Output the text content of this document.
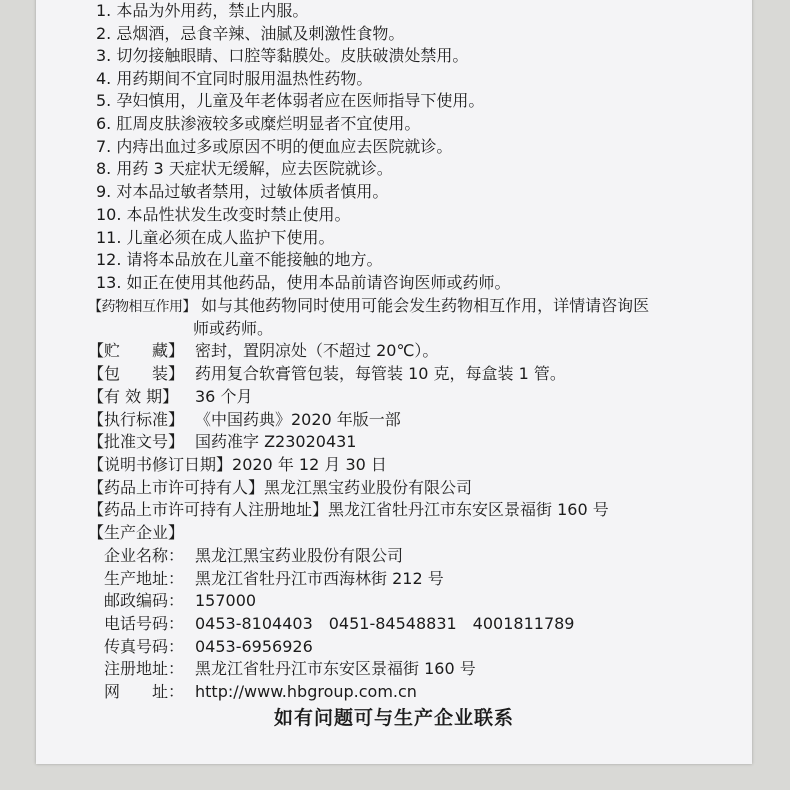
1. 本品为外用药，禁止内服。
2. 忌烟酒，忌食辛辣、油腻及刺激性食物。
3. 切勿接触眼睛、口腔等黏膜处。皮肤破溃处禁用。
4. 用药期间不宜同时服用温热性药物。
5. 孕妇慎用，儿童及年老体弱者应在医师指导下使用。
6. 肛周皮肤渗液较多或糜烂明显者不宜使用。
7. 内痔出血过多或原因不明的便血应去医院就诊。
8. 用药 3 天症状无缓解，应去医院就诊。
9. 对本品过敏者禁用，过敏体质者慎用。
10. 本品性状发生改变时禁止使用。
11. 儿童必须在成人监护下使用。
12. 请将本品放在儿童不能接触的地方。
13. 如正在使用其他药品，使用本品前请咨询医师或药师。
【药物相互作用】 如与其他药物同时使用可能会发生药物相互作用，详情请咨询医
师或药师。
【贮　　藏】 密封，置阴凉处（不超过 20℃）。
【包　　装】 药用复合软膏管包装，每管装 10 克，每盒装 1 管。
【有 效 期】 36 个月
【执行标准】 《中国药典》2020 年版一部
【批准文号】 国药准字 Z23020431
【说明书修订日期】2020 年 12 月 30 日
【药品上市许可持有人】黑龙江黑宝药业股份有限公司
【药品上市许可持有人注册地址】黑龙江省牡丹江市东安区景福街 160 号
【生产企业】
企业名称： 黑龙江黑宝药业股份有限公司
生产地址： 黑龙江省牡丹江市西海林街 212 号
邮政编码： 157000
电话号码： 0453-8104403　0451-84548831　4001811789
传真号码： 0453-6956926
注册地址： 黑龙江省牡丹江市东安区景福街 160 号
网　　址： http://www.hbgroup.com.cn
如有问题可与生产企业联系
